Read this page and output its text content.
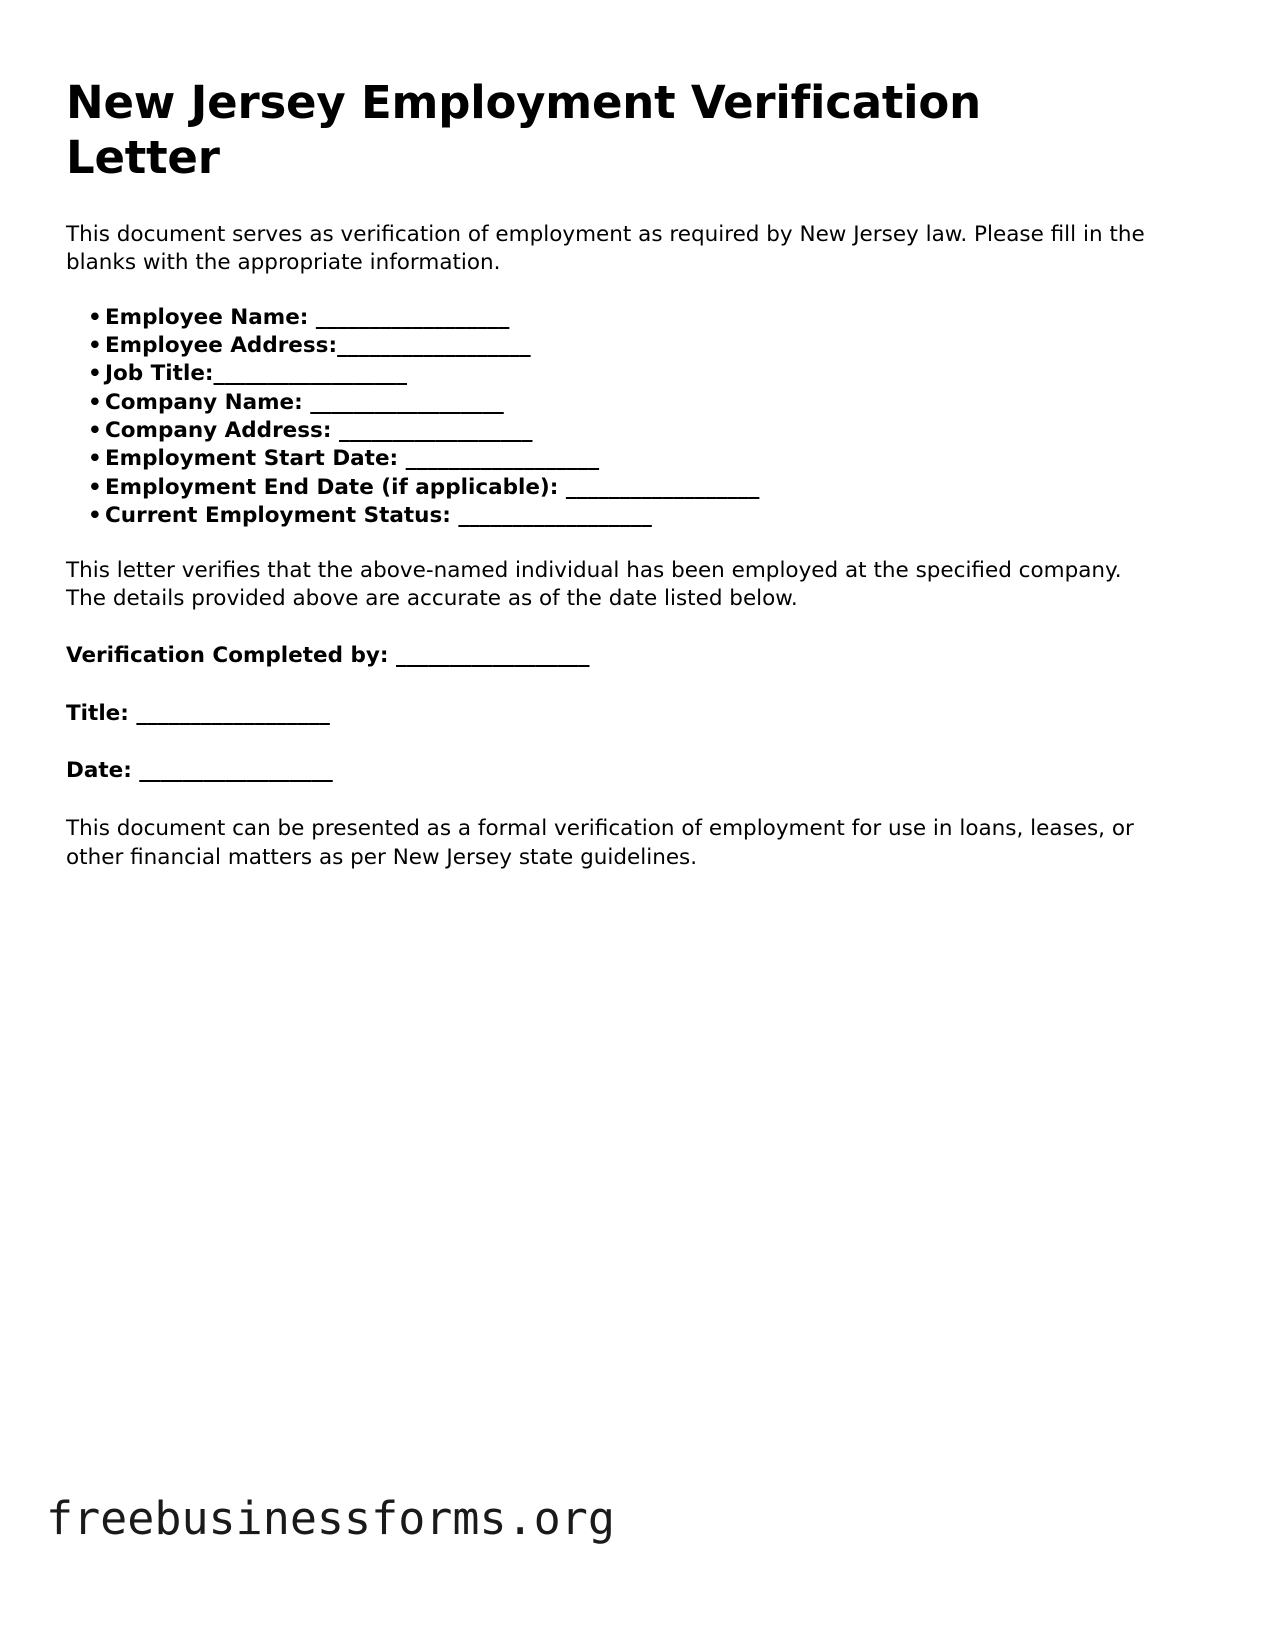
New Jersey Employment Verification Letter

This document serves as verification of employment as required by New Jersey law. Please fill in the blanks with the appropriate information.

• Employee Name: __________________
• Employee Address:__________________
• Job Title:__________________
• Company Name: __________________
• Company Address: __________________
• Employment Start Date: __________________
• Employment End Date (if applicable): __________________
• Current Employment Status: __________________

This letter verifies that the above-named individual has been employed at the specified company. The details provided above are accurate as of the date listed below.

Verification Completed by: __________________

Title: __________________

Date: __________________

This document can be presented as a formal verification of employment for use in loans, leases, or other financial matters as per New Jersey state guidelines.

freebusinessforms.org
